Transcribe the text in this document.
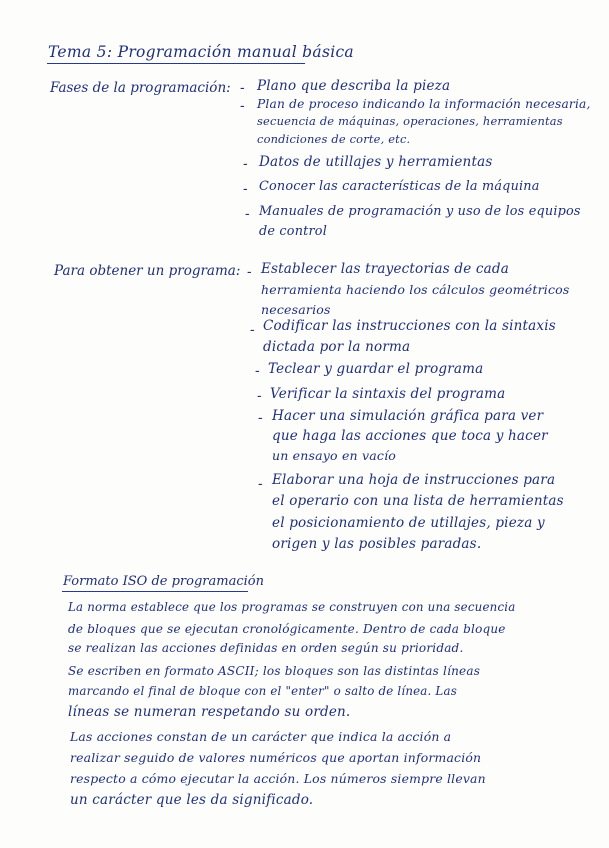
Tema 5: Programación manual básica
Fases de la programación: - Plano que describa la pieza
- Plan de proceso indicando la información necesaria,
secuencia de máquinas, operaciones, herramientas
condiciones de corte, etc.
- Datos de utillajes y herramientas
- Conocer las características de la máquina
- Manuales de programación y uso de los equipos
de control
Para obtener un programa: - Establecer las trayectorias de cada
herramienta haciendo los cálculos geométricos
necesarios
- Codificar las instrucciones con la sintaxis
dictada por la norma
- Teclear y guardar el programa
- Verificar la sintaxis del programa
- Hacer una simulación gráfica para ver
que haga las acciones que toca y hacer
un ensayo en vacío
- Elaborar una hoja de instrucciones para
el operario con una lista de herramientas
el posicionamiento de utillajes, pieza y
origen y las posibles paradas.
Formato ISO de programación
La norma establece que los programas se construyen con una secuencia
de bloques que se ejecutan cronológicamente. Dentro de cada bloque
se realizan las acciones definidas en orden según su prioridad.
Se escriben en formato ASCII; los bloques son las distintas líneas
marcando el final de bloque con el "enter" o salto de línea. Las
líneas se numeran respetando su orden.
Las acciones constan de un carácter que indica la acción a
realizar seguido de valores numéricos que aportan información
respecto a cómo ejecutar la acción. Los números siempre llevan
un carácter que les da significado.
